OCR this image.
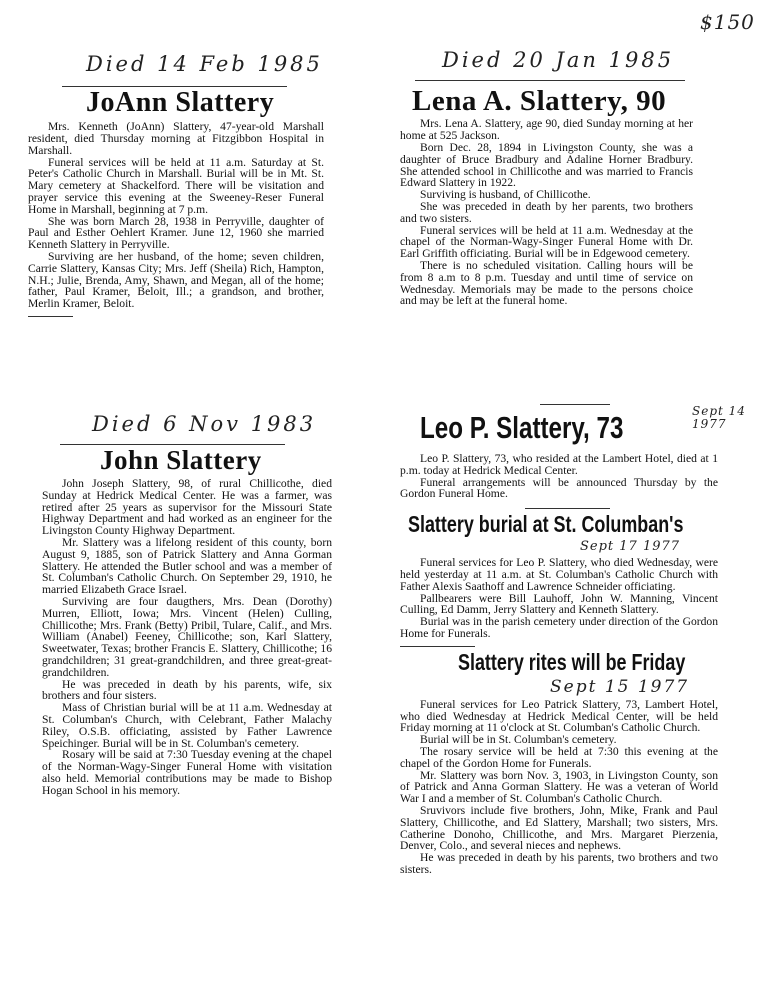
$150
Died 14 Feb 1985
JoAnn Slattery

Mrs. Kenneth (JoAnn) Slattery, 47-year-old Marshall resident, died Thursday morning at Fitzgibbon Hospital in Marshall.

Funeral services will be held at 11 a.m. Saturday at St. Peter's Catholic Church in Marshall. Burial will be in Mt. St. Mary cemetery at Shackelford. There will be visitation and prayer service this evening at the Sweeney-Reser Funeral Home in Marshall, beginning at 7 p.m.

She was born March 28, 1938 in Perryville, daughter of Paul and Esther Oehlert Kramer. June 12, 1960 she married Kenneth Slattery in Perryville.

Surviving are her husband, of the home; seven children, Carrie Slattery, Kansas City; Mrs. Jeff (Sheila) Rich, Hampton, N.H.; Julie, Brenda, Amy, Shawn, and Megan, all of the home; father, Paul Kramer, Beloit, Ill.; a grandson, and brother, Merlin Kramer, Beloit.

Died 20 Jan 1985
Lena A. Slattery, 90

Mrs. Lena A. Slattery, age 90, died Sunday morning at her home at 525 Jackson.

Born Dec. 28, 1894 in Livingston County, she was a daughter of Bruce Bradbury and Adaline Horner Bradbury. She attended school in Chillicothe and was married to Francis Edward Slattery in 1922.

Surviving is husband, of Chillicothe.

She was preceded in death by her parents, two brothers and two sisters.

Funeral services will be held at 11 a.m. Wednesday at the chapel of the Norman-Wagy-Singer Funeral Home with Dr. Earl Griffith officiating. Burial will be in Edgewood cemetery.

There is no scheduled visitation. Calling hours will be from 8 a.m to 8 p.m. Tuesday and until time of service on Wednesday. Memorials may be made to the persons choice and may be left at the funeral home.

Died 6 Nov 1983
John Slattery

John Joseph Slattery, 98, of rural Chillicothe, died Sunday at Hedrick Medical Center. He was a farmer, was retired after 25 years as supervisor for the Missouri State Highway Department and had worked as an engineer for the Livingston County Highway Department.

Mr. Slattery was a lifelong resident of this county, born August 9, 1885, son of Patrick Slattery and Anna Gorman Slattery. He attended the Butler school and was a member of St. Columban's Catholic Church. On September 29, 1910, he married Elizabeth Grace Israel.

Surviving are four daugthers, Mrs. Dean (Dorothy) Murren, Elliott, Iowa; Mrs. Vincent (Helen) Culling, Chillicothe; Mrs. Frank (Betty) Pribil, Tulare, Calif., and Mrs. William (Anabel) Feeney, Chillicothe; son, Karl Slattery, Sweetwater, Texas; brother Francis E. Slattery, Chillicothe; 16 grandchildren; 31 great-grandchildren, and three great-great-grandchildren.

He was preceded in death by his parents, wife, six brothers and four sisters.

Mass of Christian burial will be at 11 a.m. Wednesday at St. Columban's Church, with Celebrant, Father Malachy Riley, O.S.B. officiating, assisted by Father Lawrence Speichinger. Burial will be in St. Columban's cemetery.

Rosary will be said at 7:30 Tuesday evening at the chapel of the Norman-Wagy-Singer Funeral Home with visitation also held. Memorial contributions may be made to Bishop Hogan School in his memory.

Leo P. Slattery, 73	Sept 14 1977

Leo P. Slattery, 73, who resided at the Lambert Hotel, died at 1 p.m. today at Hedrick Medical Center.

Funeral arrangements will be announced Thursday by the Gordon Funeral Home.

Slattery burial at St. Columban's
Sept 17 1977

Funeral services for Leo P. Slattery, who died Wednesday, were held yesterday at 11 a.m. at St. Columban's Catholic Church with Father Alexis Saathoff and Lawrence Schneider officiating.

Pallbearers were Bill Lauhoff, John W. Manning, Vincent Culling, Ed Damm, Jerry Slattery and Kenneth Slattery.

Burial was in the parish cemetery under direction of the Gordon Home for Funerals.

Slattery rites will be Friday
Sept 15 1977

Funeral services for Leo Patrick Slattery, 73, Lambert Hotel, who died Wednesday at Hedrick Medical Center, will be held Friday morning at 11 o'clock at St. Columban's Catholic Church.

Burial will be in St. Columban's cemetery.

The rosary service will be held at 7:30 this evening at the chapel of the Gordon Home for Funerals.

Mr. Slattery was born Nov. 3, 1903, in Livingston County, son of Patrick and Anna Gorman Slattery. He was a veteran of World War I and a member of St. Columban's Catholic Church.

Sruvivors include five brothers, John, Mike, Frank and Paul Slattery, Chillicothe, and Ed Slattery, Marshall; two sisters, Mrs. Catherine Donoho, Chillicothe, and Mrs. Margaret Pierzenia, Denver, Colo., and several nieces and nephews.

He was preceded in death by his parents, two brothers and two sisters.
